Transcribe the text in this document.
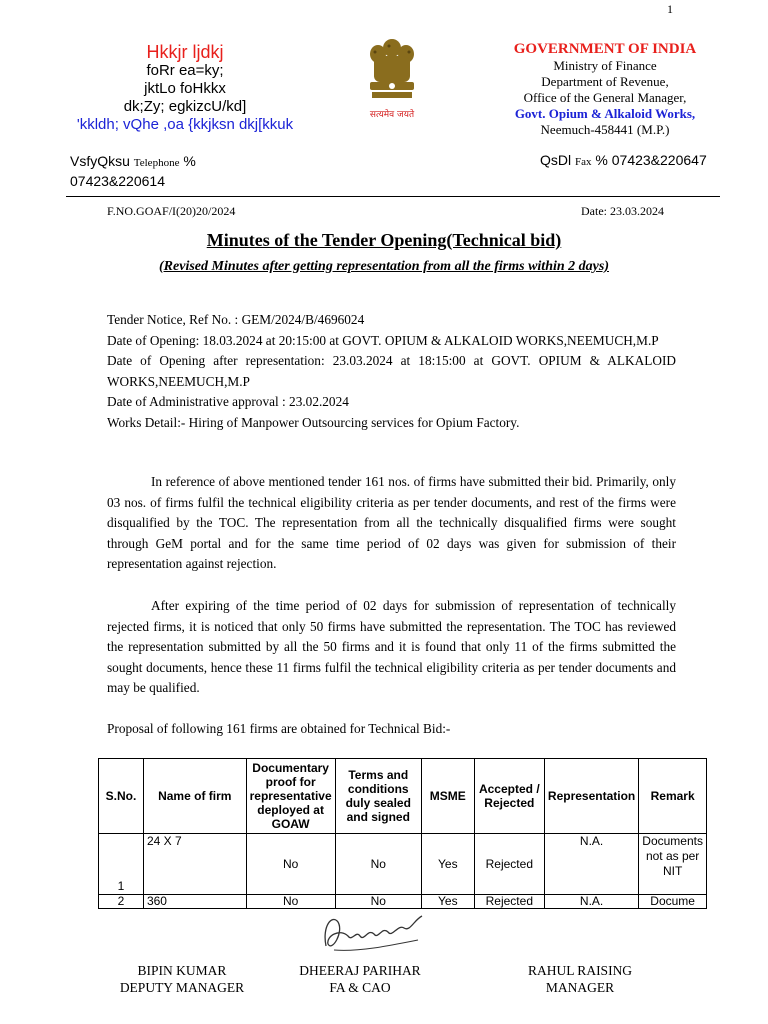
1
Hkkjr ljdkj
foRr ea=ky;
jktLo foHkkx
dk;Zy; egkizcU/kd]
'kkldh; vQhe ,oa {kkjksn dkj[kkuk
सत्यमेव जयते
GOVERNMENT OF INDIA
Ministry of Finance
Department of Revenue,
Office of the General Manager,
Govt. Opium & Alkaloid Works,
Neemuch-458441 (M.P.)
VsfyQksu Telephone %
07423&220614
QsDl Fax % 07423&220647
F.NO.GOAF/I(20)20/2024	Date: 23.03.2024
Minutes of the Tender Opening(Technical bid)
(Revised Minutes after getting representation from all the firms within 2 days)

Tender Notice, Ref No. : GEM/2024/B/4696024

Date of Opening: 18.03.2024 at 20:15:00 at GOVT. OPIUM & ALKALOID WORKS,NEEMUCH,M.P

Date of Opening after representation: 23.03.2024 at 18:15:00 at GOVT. OPIUM & ALKALOID WORKS,NEEMUCH,M.P

Date of Administrative approval : 23.02.2024

Works Detail:- Hiring of Manpower Outsourcing services for Opium Factory.

In reference of above mentioned tender 161 nos. of firms have submitted their bid. Primarily, only 03 nos. of firms fulfil the technical eligibility criteria as per tender documents, and rest of the firms were disqualified by the TOC. The representation from all the technically disqualified firms were sought through GeM portal and for the same time period of 02 days was given for submission of their representation against rejection.

After expiring of the time period of 02 days for submission of representation of technically rejected firms, it is noticed that only 50 firms have submitted the representation. The TOC has reviewed the representation submitted by all the 50 firms and it is found that only 11 of the firms submitted the sought documents, hence these 11 firms fulfil the technical eligibility criteria as per tender documents and may be qualified.

Proposal of following 161 firms are obtained for Technical Bid:-

S.No.	Name of firm	Documentary proof for representative deployed at GOAW	Terms and conditions duly sealed and signed	MSME	Accepted / Rejected	Representation	Remark
1	24 X 7	No	No	Yes	Rejected	N.A.	Documents not as per NIT
2	360	No	No	Yes	Rejected	N.A.	Docume
BIPIN KUMAR
DEPUTY MANAGER
DHEERAJ PARIHAR
FA & CAO
RAHUL RAISING
MANAGER
